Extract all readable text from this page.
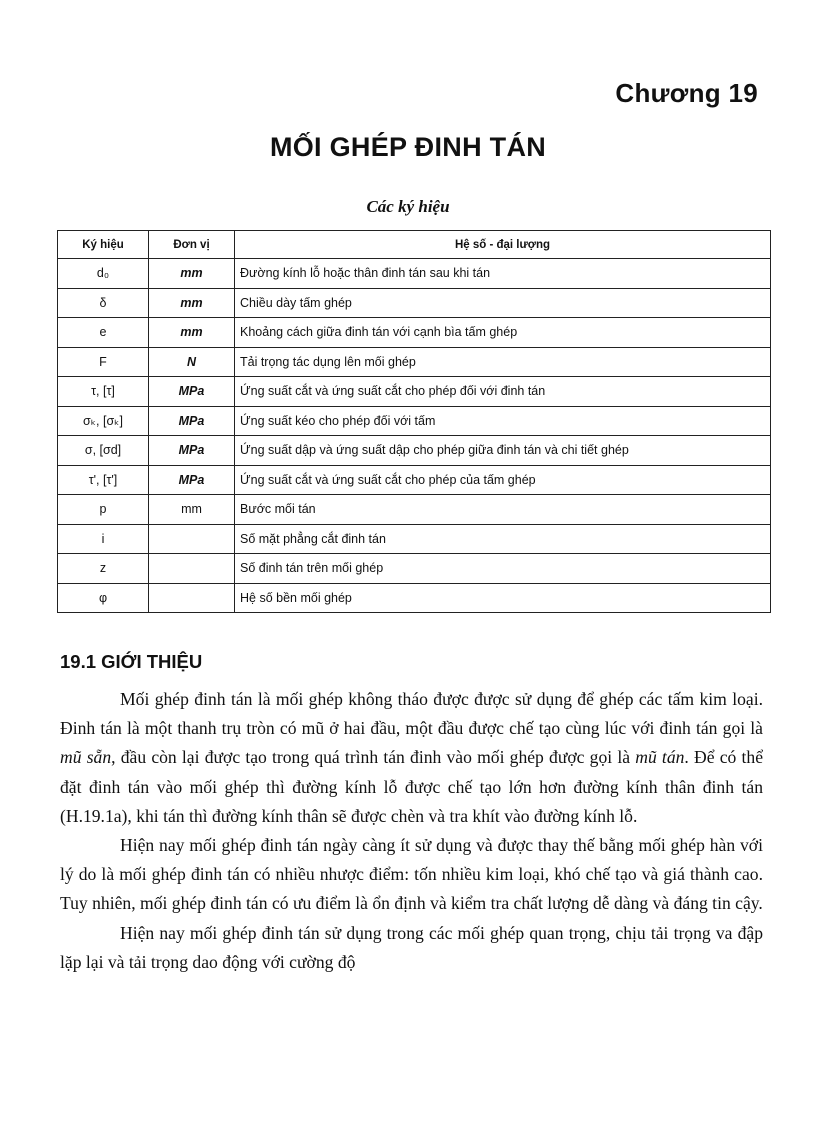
Chương 19
MỐI GHÉP ĐINH TÁN
Các ký hiệu
Ký hiệu	Đơn vị	Hệ số - đại lượng
d₀	mm	Đường kính lỗ hoặc thân đinh tán sau khi tán
δ	mm	Chiều dày tấm ghép
e	mm	Khoảng cách giữa đinh tán với cạnh bìa tấm ghép
F	N	Tải trọng tác dụng lên mối ghép
τ, [τ]	MPa	Ứng suất cắt và ứng suất cắt cho phép đối với đinh tán
σₖ, [σₖ]	MPa	Ứng suất kéo cho phép đối với tấm
σ, [σd]	MPa	Ứng suất dập và ứng suất dập cho phép giữa đinh tán và chi tiết ghép
τ', [τ']	MPa	Ứng suất cắt và ứng suất cắt cho phép của tấm ghép
p	mm	Bước mối tán
i		Số mặt phẳng cắt đinh tán
z		Số đinh tán trên mối ghép
φ		Hệ số bền mối ghép
19.1 GIỚI THIỆU

Mối ghép đinh tán là mối ghép không tháo được được sử dụng để ghép các tấm kim loại. Đinh tán là một thanh trụ tròn có mũ ở hai đầu, một đầu được chế tạo cùng lúc với đinh tán gọi là mũ sẵn, đầu còn lại được tạo trong quá trình tán đinh vào mối ghép được gọi là mũ tán. Để có thể đặt đinh tán vào mối ghép thì đường kính lỗ được chế tạo lớn hơn đường kính thân đinh tán (H.19.1a), khi tán thì đường kính thân sẽ được chèn và tra khít vào đường kính lỗ.

Hiện nay mối ghép đinh tán ngày càng ít sử dụng và được thay thế bằng mối ghép hàn với lý do là mối ghép đinh tán có nhiều nhược điểm: tốn nhiều kim loại, khó chế tạo và giá thành cao. Tuy nhiên, mối ghép đinh tán có ưu điểm là ổn định và kiểm tra chất lượng dễ dàng và đáng tin cậy.

Hiện nay mối ghép đinh tán sử dụng trong các mối ghép quan trọng, chịu tải trọng va đập lặp lại và tải trọng dao động với cường độ
